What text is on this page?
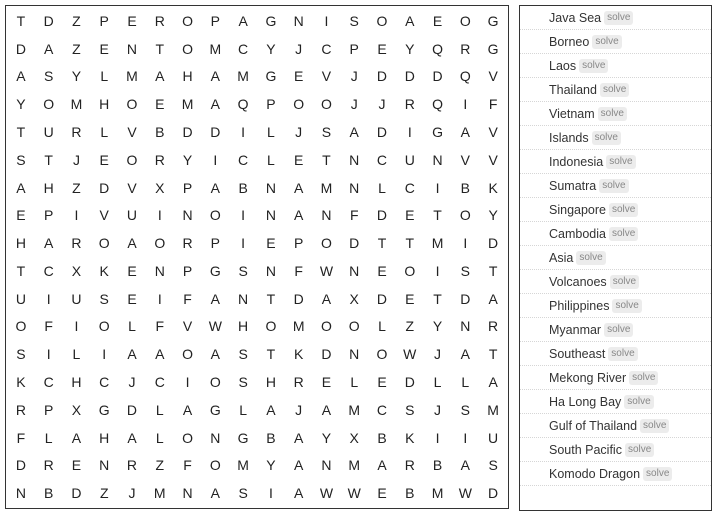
T	D	Z	P	E	R	O	P	A	G	N	I	S	O	A	E	O	G
D	A	Z	E	N	T	O	M	C	Y	J	C	P	E	Y	Q	R	G
A	S	Y	L	M	A	H	A	M	G	E	V	J	D	D	D	Q	V
Y	O	M	H	O	E	M	A	Q	P	O	O	J	J	R	Q	I	F
T	U	R	L	V	B	D	D	I	L	J	S	A	D	I	G	A	V
S	T	J	E	O	R	Y	I	C	L	E	T	N	C	U	N	V	V
A	H	Z	D	V	X	P	A	B	N	A	M	N	L	C	I	B	K
E	P	I	V	U	I	N	O	I	N	A	N	F	D	E	T	O	Y
H	A	R	O	A	O	R	P	I	E	P	O	D	T	T	M	I	D
T	C	X	K	E	N	P	G	S	N	F	W	N	E	O	I	S	T
U	I	U	S	E	I	F	A	N	T	D	A	X	D	E	T	D	A
O	F	I	O	L	F	V	W	H	O	M	O	O	L	Z	Y	N	R
S	I	L	I	A	A	O	A	S	T	K	D	N	O	W	J	A	T
K	C	H	C	J	C	I	O	S	H	R	E	L	E	D	L	L	A
R	P	X	G	D	L	A	G	L	A	J	A	M	C	S	J	S	M
F	L	A	H	A	L	O	N	G	B	A	Y	X	B	K	I	I	U
D	R	E	N	R	Z	F	O	M	Y	A	N	M	A	R	B	A	S
N	B	D	Z	J	M	N	A	S	I	A	W	W	E	B	M	W	D
Java Sea solve
Borneo solve
Laos solve
Thailand solve
Vietnam solve
Islands solve
Indonesia solve
Sumatra solve
Singapore solve
Cambodia solve
Asia solve
Volcanoes solve
Philippines solve
Myanmar solve
Southeast solve
Mekong River solve
Ha Long Bay solve
Gulf of Thailand solve
South Pacific solve
Komodo Dragon solve
